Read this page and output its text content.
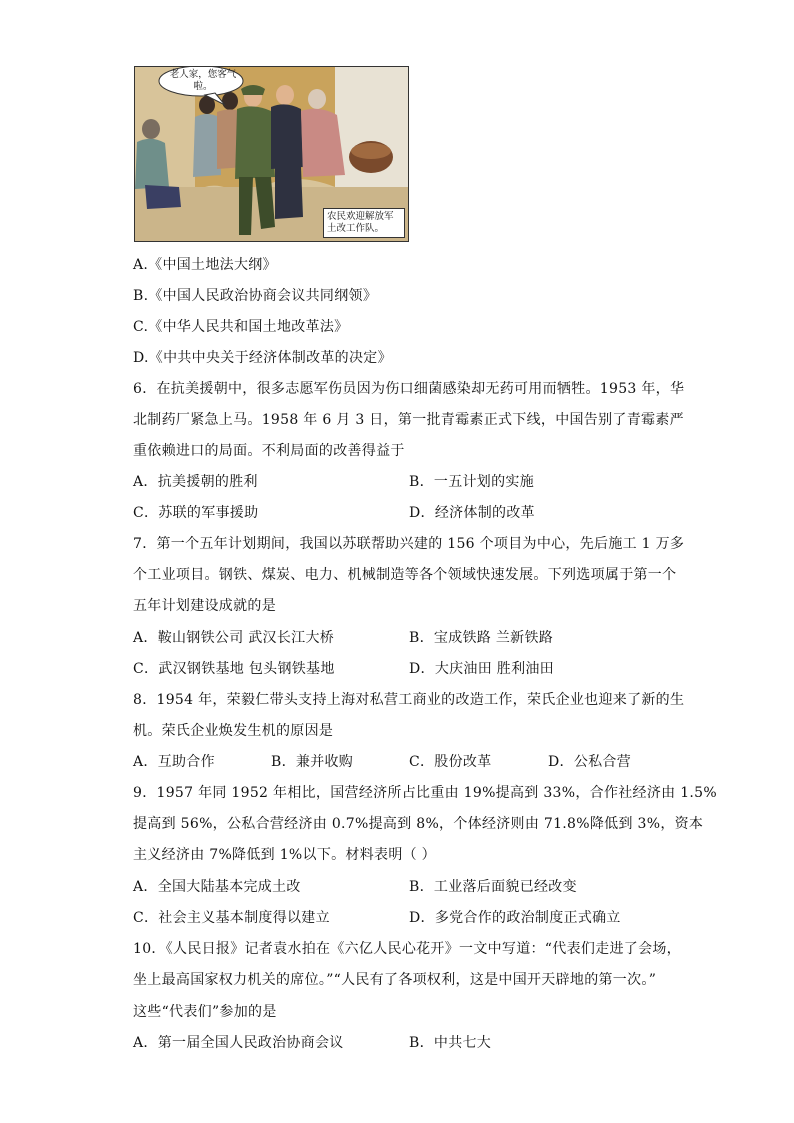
老人家，您客气啦。
农民欢迎解放军土改工作队。
A.《中国土地法大纲》
B.《中国人民政治协商会议共同纲领》
C.《中华人民共和国土地改革法》
D.《中共中央关于经济体制改革的决定》
6．在抗美援朝中，很多志愿军伤员因为伤口细菌感染却无药可用而牺牲。1953 年，华
北制药厂紧急上马。1958 年 6 月 3 日，第一批青霉素正式下线，中国告别了青霉素严
重依赖进口的局面。不利局面的改善得益于
A．抗美援朝的胜利	B．一五计划的实施
C．苏联的军事援助	D．经济体制的改革
7．第一个五年计划期间，我国以苏联帮助兴建的 156 个项目为中心，先后施工 1 万多
个工业项目。钢铁、煤炭、电力、机械制造等各个领域快速发展。下列选项属于第一个
五年计划建设成就的是
A．鞍山钢铁公司 武汉长江大桥	B．宝成铁路 兰新铁路
C．武汉钢铁基地 包头钢铁基地	D．大庆油田 胜利油田
8．1954 年，荣毅仁带头支持上海对私营工商业的改造工作，荣氏企业也迎来了新的生
机。荣氏企业焕发生机的原因是
A．互助合作	B．兼并收购	C．股份改革	D．公私合营
9．1957 年同 1952 年相比，国营经济所占比重由 19%提高到 33%，合作社经济由 1.5%
提高到 56%，公私合营经济由 0.7%提高到 8%，个体经济则由 71.8%降低到 3%，资本
主义经济由 7%降低到 1%以下。材料表明（ ）
A．全国大陆基本完成土改	B．工业落后面貌已经改变
C．社会主义基本制度得以建立	D．多党合作的政治制度正式确立
10．《人民日报》记者袁水拍在《六亿人民心花开》一文中写道：“代表们走进了会场，
坐上最高国家权力机关的席位。”“人民有了各项权利，这是中国开天辟地的第一次。”
这些“代表们”参加的是
A．第一届全国人民政治协商会议	B．中共七大
